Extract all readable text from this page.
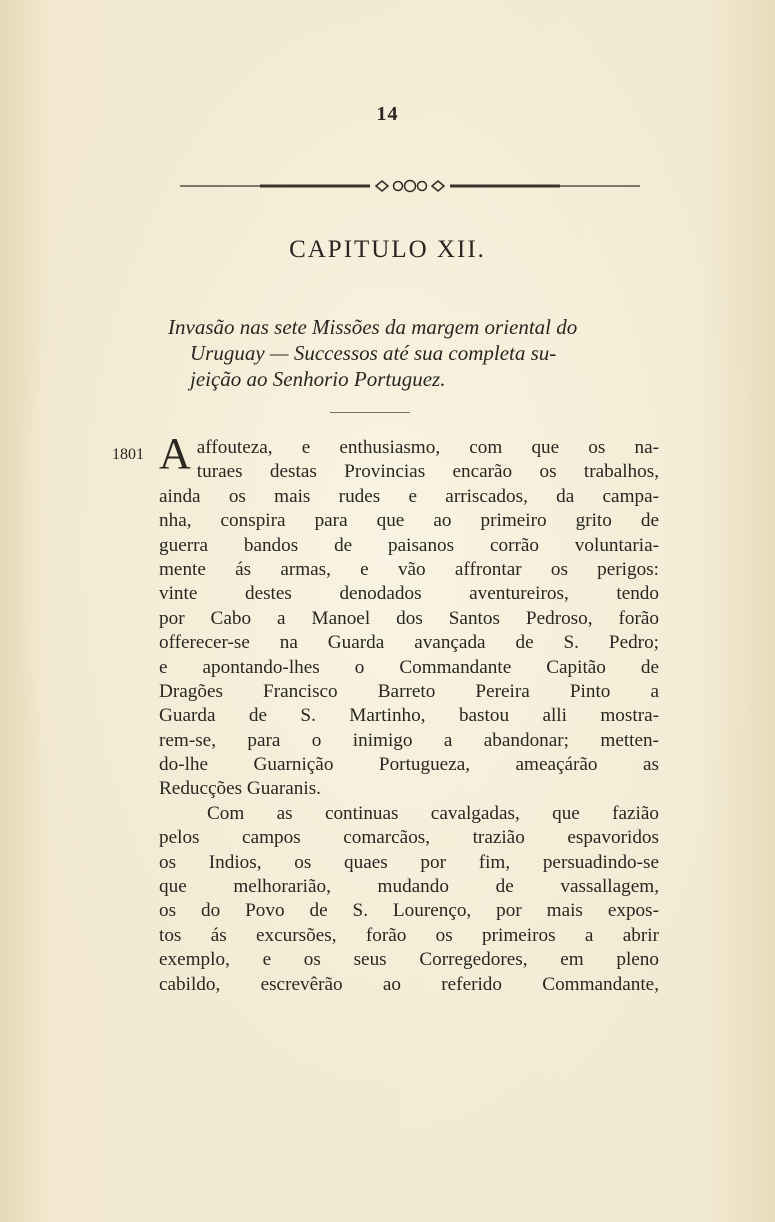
14
CAPITULO XII.
Invasão nas sete Missões da margem oriental do
Uruguay — Successos até sua completa su-
jeição ao Senhorio Portuguez.
1801 A affouteza, e enthusiasmo, com que os na-
turaes destas Provincias encarão os trabalhos,
ainda os mais rudes e arriscados, da campa-
nha, conspira para que ao primeiro grito de
guerra bandos de paisanos corrão voluntaria-
mente ás armas, e vão affrontar os perigos:
vinte destes denodados aventureiros, tendo
por Cabo a Manoel dos Santos Pedroso, forão
offerecer-se na Guarda avançada de S. Pedro;
e apontando-lhes o Commandante Capitão de
Dragões Francisco Barreto Pereira Pinto a
Guarda de S. Martinho, bastou alli mostra-
rem-se, para o inimigo a abandonar; metten-
do-lhe Guarnição Portugueza, ameaçárão as
Reducções Guaranis.
Com as continuas cavalgadas, que fazião
pelos campos comarcãos, trazião espavoridos
os Indios, os quaes por fim, persuadindo-se
que melhorarião, mudando de vassallagem,
os do Povo de S. Lourenço, por mais expos-
tos ás excursões, forão os primeiros a abrir
exemplo, e os seus Corregedores, em pleno
cabildo, escrevêrão ao referido Commandante,
